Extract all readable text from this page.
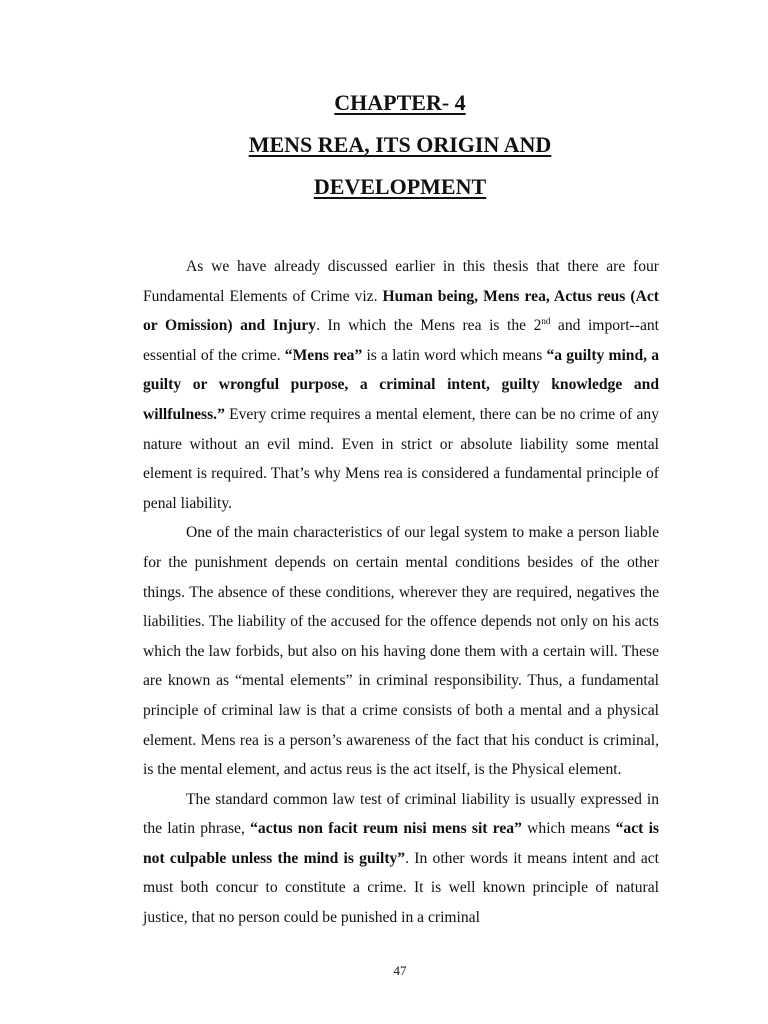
CHAPTER- 4
MENS REA, ITS ORIGIN AND
DEVELOPMENT

As we have already discussed earlier in this thesis that there are four Fundamental Elements of Crime viz. Human being, Mens rea, Actus reus (Act or Omission) and Injury. In which the Mens rea is the 2nd and import--ant essential of the crime. “Mens rea” is a latin word which means “a guilty mind, a guilty or wrongful purpose, a criminal intent, guilty knowledge and willfulness.” Every crime requires a mental element, there can be no crime of any nature without an evil mind. Even in strict or absolute liability some mental element is required. That’s why Mens rea is considered a fundamental principle of penal liability.

One of the main characteristics of our legal system to make a person liable for the punishment depends on certain mental conditions besides of the other things. The absence of these conditions, wherever they are required, negatives the liabilities. The liability of the accused for the offence depends not only on his acts which the law forbids, but also on his having done them with a certain will. These are known as “mental elements” in criminal responsibility. Thus, a fundamental principle of criminal law is that a crime consists of both a mental and a physical element. Mens rea is a person’s awareness of the fact that his conduct is criminal, is the mental element, and actus reus is the act itself, is the Physical element.

The standard common law test of criminal liability is usually expressed in the latin phrase, “actus non facit reum nisi mens sit rea” which means “act is not culpable unless the mind is guilty”. In other words it means intent and act must both concur to constitute a crime. It is well known principle of natural justice, that no person could be punished in a criminal

47
